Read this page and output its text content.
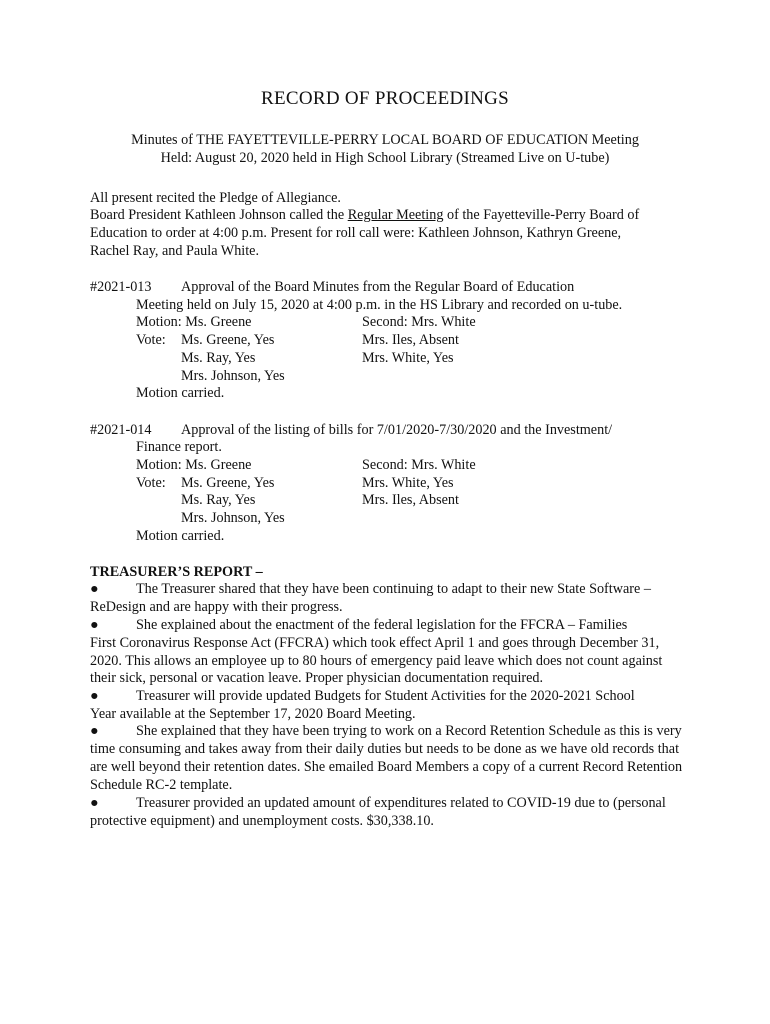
RECORD OF PROCEEDINGS
Minutes of THE FAYETTEVILLE-PERRY LOCAL BOARD OF EDUCATION Meeting
Held: August 20, 2020 held in High School Library (Streamed Live on U-tube)
All present recited the Pledge of Allegiance.
Board President Kathleen Johnson called the Regular Meeting of the Fayetteville-Perry Board of
Education to order at 4:00 p.m. Present for roll call were: Kathleen Johnson, Kathryn Greene,
Rachel Ray, and Paula White.
#2021-013 Approval of the Board Minutes from the Regular Board of Education
Meeting held on July 15, 2020 at 4:00 p.m. in the HS Library and recorded on u-tube.
Motion: Ms. Greene	Second: Mrs. White
Vote: Ms. Greene, Yes	Mrs. Iles, Absent
Ms. Ray, Yes	Mrs. White, Yes
Mrs. Johnson, Yes
Motion carried.
#2021-014 Approval of the listing of bills for 7/01/2020-7/30/2020 and the Investment/
Finance report.
Motion: Ms. Greene	Second: Mrs. White
Vote: Ms. Greene, Yes	Mrs. White, Yes
Ms. Ray, Yes	Mrs. Iles, Absent
Mrs. Johnson, Yes
Motion carried.
TREASURER’S REPORT –
●	The Treasurer shared that they have been continuing to adapt to their new State Software –
ReDesign and are happy with their progress.
●	She explained about the enactment of the federal legislation for the FFCRA – Families
First Coronavirus Response Act (FFCRA) which took effect April 1 and goes through December 31,
2020. This allows an employee up to 80 hours of emergency paid leave which does not count against
their sick, personal or vacation leave. Proper physician documentation required.
●	Treasurer will provide updated Budgets for Student Activities for the 2020-2021 School
Year available at the September 17, 2020 Board Meeting.
●	She explained that they have been trying to work on a Record Retention Schedule as this is very
time consuming and takes away from their daily duties but needs to be done as we have old records that
are well beyond their retention dates. She emailed Board Members a copy of a current Record Retention
Schedule RC-2 template.
●	Treasurer provided an updated amount of expenditures related to COVID-19 due to (personal
protective equipment) and unemployment costs. $30,338.10.
